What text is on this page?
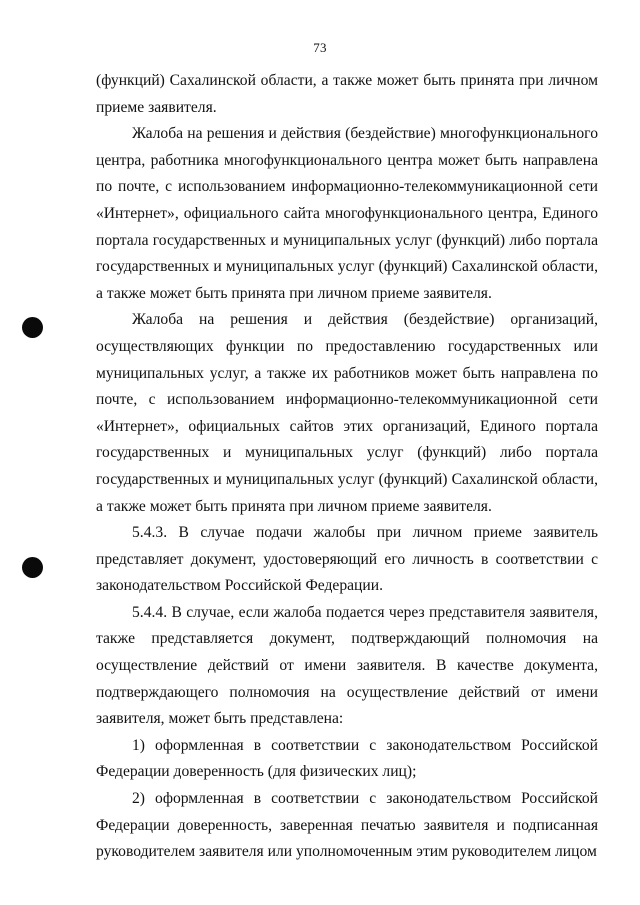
73

(функций) Сахалинской области, а также может быть принята при личном приеме заявителя.

Жалоба на решения и действия (бездействие) многофункционального центра, работника многофункционального центра может быть направлена по почте, с использованием информационно-телекоммуникационной сети «Интернет», официального сайта многофункционального центра, Единого портала государственных и муниципальных услуг (функций) либо портала государственных и муниципальных услуг (функций) Сахалинской области, а также может быть принята при личном приеме заявителя.

Жалоба на решения и действия (бездействие) организаций, осуществляющих функции по предоставлению государственных или муниципальных услуг, а также их работников может быть направлена по почте, с использованием информационно-телекоммуникационной сети «Интернет», официальных сайтов этих организаций, Единого портала государственных и муниципальных услуг (функций) либо портала государственных и муниципальных услуг (функций) Сахалинской области, а также может быть принята при личном приеме заявителя.

5.4.3. В случае подачи жалобы при личном приеме заявитель представляет документ, удостоверяющий его личность в соответствии с законодательством Российской Федерации.

5.4.4. В случае, если жалоба подается через представителя заявителя, также представляется документ, подтверждающий полномочия на осуществление действий от имени заявителя. В качестве документа, подтверждающего полномочия на осуществление действий от имени заявителя, может быть представлена:

1) оформленная в соответствии с законодательством Российской Федерации доверенность (для физических лиц);

2) оформленная в соответствии с законодательством Российской Федерации доверенность, заверенная печатью заявителя и подписанная руководителем заявителя или уполномоченным этим руководителем лицом
